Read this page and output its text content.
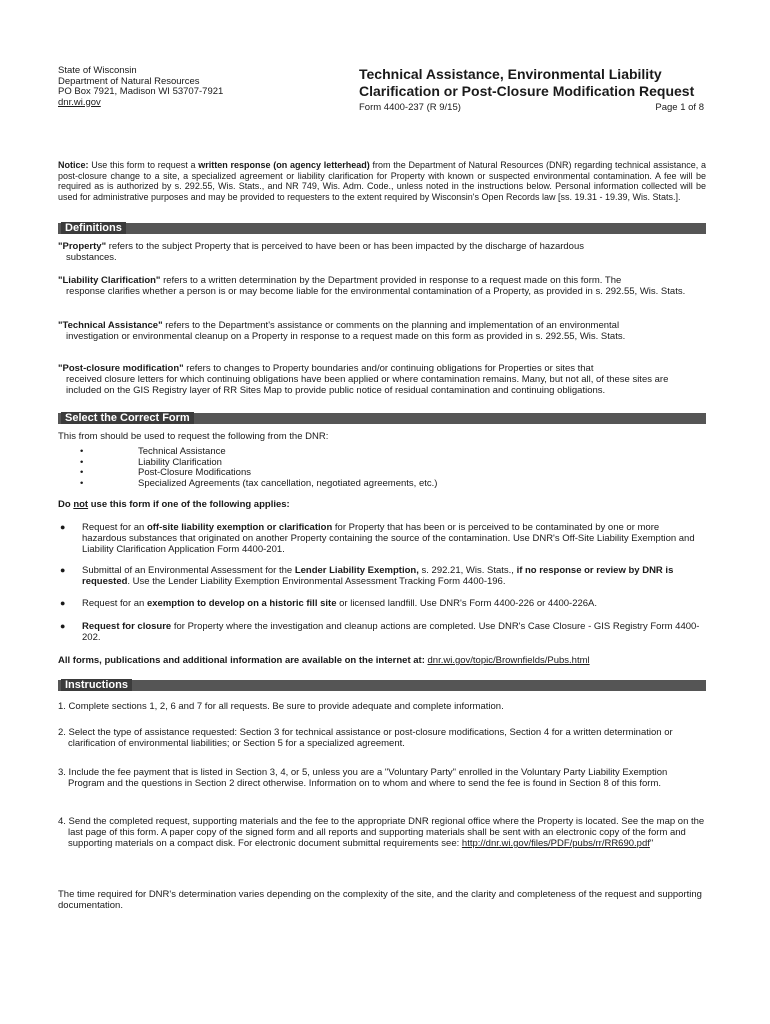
State of Wisconsin
Department of Natural Resources
PO Box 7921, Madison WI 53707-7921
dnr.wi.gov
Technical Assistance, Environmental Liability Clarification or Post-Closure Modification Request
Form 4400-237 (R 9/15)	Page 1 of 8
Notice: Use this form to request a written response (on agency letterhead) from the Department of Natural Resources (DNR) regarding technical assistance, a post-closure change to a site, a specialized agreement or liability clarification for Property with known or suspected environmental contamination. A fee will be required as is authorized by s. 292.55, Wis. Stats., and NR 749, Wis. Adm. Code., unless noted in the instructions below. Personal information collected will be used for administrative purposes and may be provided to requesters to the extent required by Wisconsin's Open Records law [ss. 19.31 - 19.39, Wis. Stats.].
Definitions
"Property" refers to the subject Property that is perceived to have been or has been impacted by the discharge of hazardous
substances.
"Liability Clarification" refers to a written determination by the Department provided in response to a request made on this form. The
response clarifies whether a person is or may become liable for the environmental contamination of a Property, as provided in s. 292.55, Wis. Stats.
"Technical Assistance" refers to the Department's assistance or comments on the planning and implementation of an environmental
investigation or environmental cleanup on a Property in response to a request made on this form as provided in s. 292.55, Wis. Stats.
"Post-closure modification" refers to changes to Property boundaries and/or continuing obligations for Properties or sites that
received closure letters for which continuing obligations have been applied or where contamination remains. Many, but not all, of these sites are included on the GIS Registry layer of RR Sites Map to provide public notice of residual contamination and continuing obligations.
Select the Correct Form
This from should be used to request the following from the DNR:
• Technical Assistance
• Liability Clarification
• Post-Closure Modifications
• Specialized Agreements (tax cancellation, negotiated agreements, etc.)
Do not use this form if one of the following applies:
● Request for an off-site liability exemption or clarification for Property that has been or is perceived to be contaminated by one or more hazardous substances that originated on another Property containing the source of the contamination. Use DNR's Off-Site Liability Exemption and Liability Clarification Application Form 4400-201.
● Submittal of an Environmental Assessment for the Lender Liability Exemption, s. 292.21, Wis. Stats., if no response or review by DNR is requested. Use the Lender Liability Exemption Environmental Assessment Tracking Form 4400-196.
● Request for an exemption to develop on a historic fill site or licensed landfill. Use DNR's Form 4400-226 or 4400-226A.
● Request for closure for Property where the investigation and cleanup actions are completed. Use DNR's Case Closure - GIS Registry Form 4400-202.
All forms, publications and additional information are available on the internet at: dnr.wi.gov/topic/Brownfields/Pubs.html
Instructions
1. Complete sections 1, 2, 6 and 7 for all requests. Be sure to provide adequate and complete information.
2. Select the type of assistance requested: Section 3 for technical assistance or post-closure modifications, Section 4 for a written determination or clarification of environmental liabilities; or Section 5 for a specialized agreement.
3. Include the fee payment that is listed in Section 3, 4, or 5, unless you are a "Voluntary Party" enrolled in the Voluntary Party Liability Exemption Program and the questions in Section 2 direct otherwise. Information on to whom and where to send the fee is found in Section 8 of this form.
4. Send the completed request, supporting materials and the fee to the appropriate DNR regional office where the Property is located. See the map on the last page of this form. A paper copy of the signed form and all reports and supporting materials shall be sent with an electronic copy of the form and supporting materials on a compact disk. For electronic document submittal requirements see: http://dnr.wi.gov/files/PDF/pubs/rr/RR690.pdf"
The time required for DNR's determination varies depending on the complexity of the site, and the clarity and completeness of the request and supporting documentation.
